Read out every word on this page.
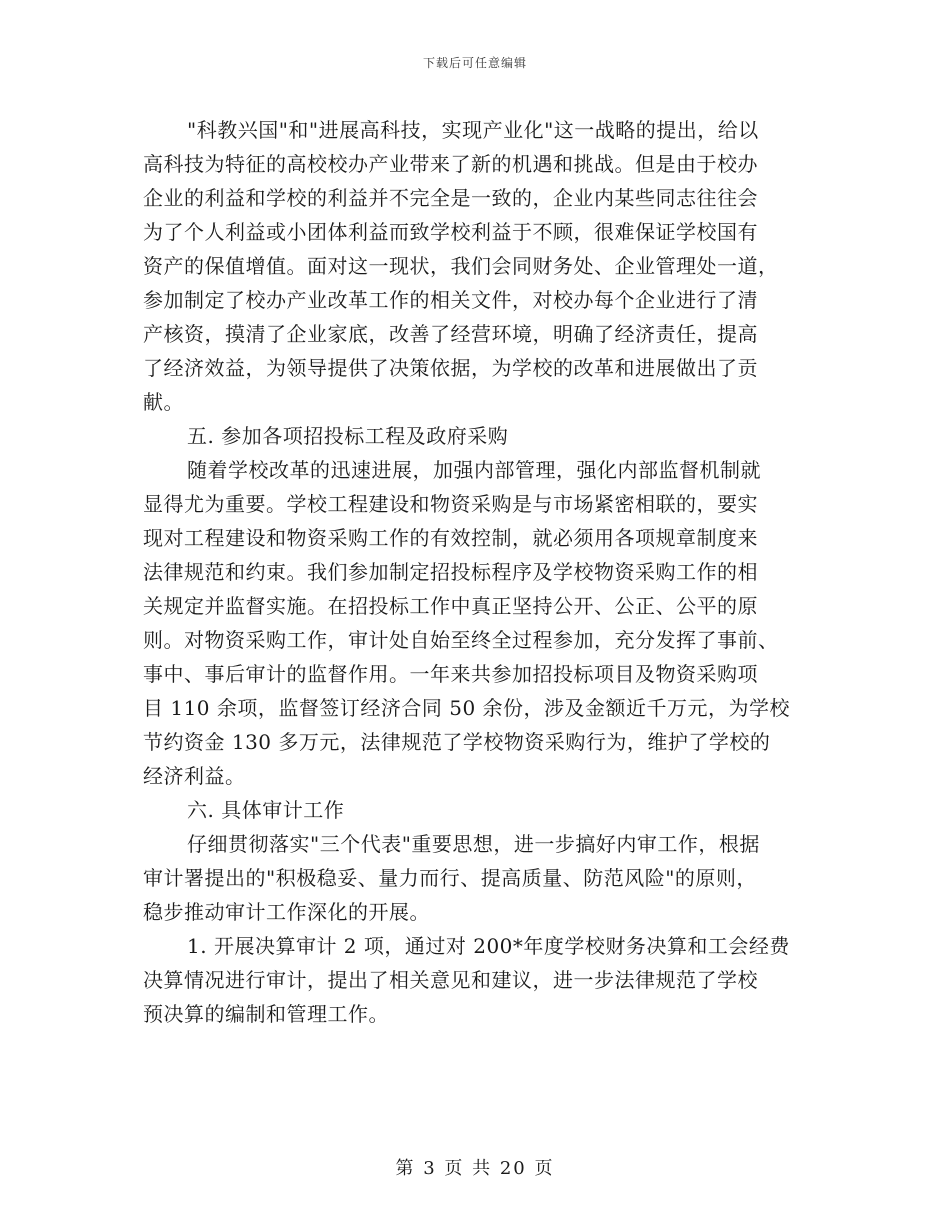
下载后可任意编辑
"科教兴国"和"进展高科技，实现产业化"这一战略的提出，给以
高科技为特征的高校校办产业带来了新的机遇和挑战。但是由于校办
企业的利益和学校的利益并不完全是一致的，企业内某些同志往往会
为了个人利益或小团体利益而致学校利益于不顾，很难保证学校国有
资产的保值增值。面对这一现状，我们会同财务处、企业管理处一道，
参加制定了校办产业改革工作的相关文件，对校办每个企业进行了清
产核资，摸清了企业家底，改善了经营环境，明确了经济责任，提高
了经济效益，为领导提供了决策依据，为学校的改革和进展做出了贡
献。
五. 参加各项招投标工程及政府采购
随着学校改革的迅速进展，加强内部管理，强化内部监督机制就
显得尤为重要。学校工程建设和物资采购是与市场紧密相联的，要实
现对工程建设和物资采购工作的有效控制，就必须用各项规章制度来
法律规范和约束。我们参加制定招投标程序及学校物资采购工作的相
关规定并监督实施。在招投标工作中真正坚持公开、公正、公平的原
则。对物资采购工作，审计处自始至终全过程参加，充分发挥了事前、
事中、事后审计的监督作用。一年来共参加招投标项目及物资采购项
目 110 余项，监督签订经济合同 50 余份，涉及金额近千万元，为学校
节约资金 130 多万元，法律规范了学校物资采购行为，维护了学校的
经济利益。
六. 具体审计工作
仔细贯彻落实"三个代表"重要思想，进一步搞好内审工作，根据
审计署提出的"积极稳妥、量力而行、提高质量、防范风险"的原则，
稳步推动审计工作深化的开展。
1. 开展决算审计 2 项，通过对 200*年度学校财务决算和工会经费
决算情况进行审计，提出了相关意见和建议，进一步法律规范了学校
预决算的编制和管理工作。
第 3 页 共 20 页
